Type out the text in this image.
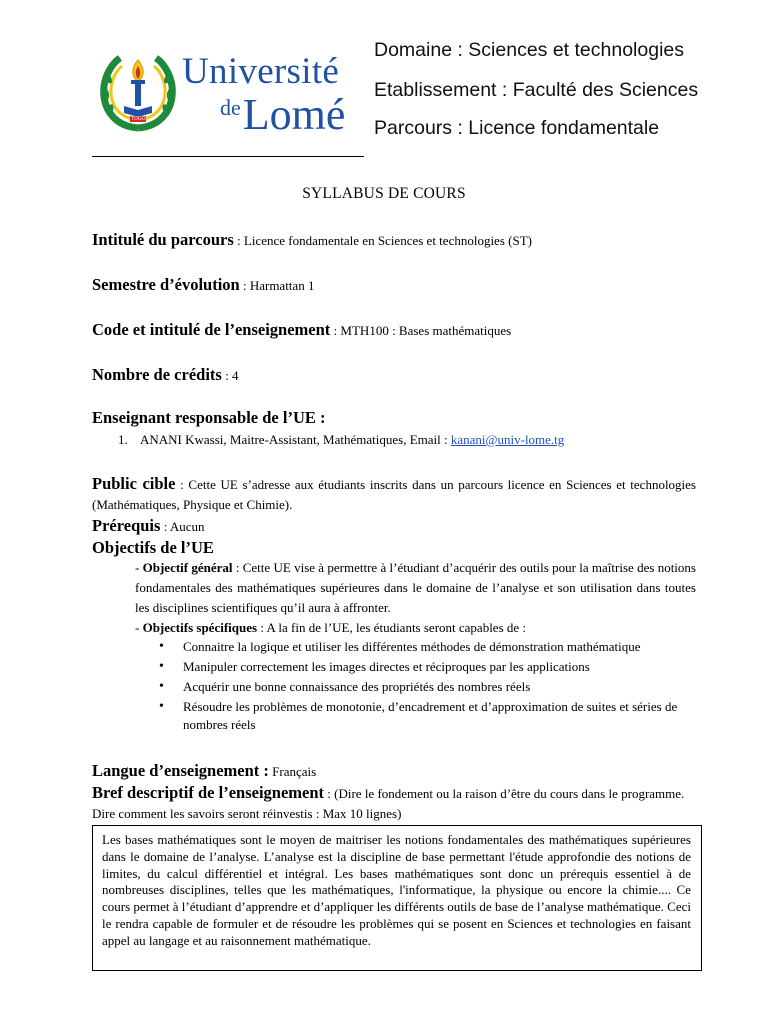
TOGO
Université
$^{de}$Lomé
Domaine : Sciences et technologies
Etablissement : Faculté des Sciences
Parcours : Licence fondamentale
SYLLABUS DE COURS
Intitulé du parcours : Licence fondamentale en Sciences et technologies (ST)
Semestre d’évolution : Harmattan 1
Code et intitulé de l’enseignement : MTH100 : Bases mathématiques
Nombre de crédits : 4
Enseignant responsable de l’UE :
1. ANANI Kwassi, Maitre-Assistant, Mathématiques, Email : kanani@univ-lome.tg
Public cible : Cette UE s’adresse aux étudiants inscrits dans un parcours licence en Sciences et technologies (Mathématiques, Physique et Chimie).
Prérequis : Aucun
Objectifs de l’UE
- Objectif général : Cette UE vise à permettre à l’étudiant d’acquérir des outils pour la maîtrise des notions fondamentales des mathématiques supérieures dans le domaine de l’analyse et son utilisation dans toutes les disciplines scientifiques qu’il aura à affronter.
- Objectifs spécifiques : A la fin de l’UE, les étudiants seront capables de :
• Connaitre la logique et utiliser les différentes méthodes de démonstration mathématique
• Manipuler correctement les images directes et réciproques par les applications
• Acquérir une bonne connaissance des propriétés des nombres réels
• Résoudre les problèmes de monotonie, d’encadrement et d’approximation de suites et séries de nombres réels
Langue d’enseignement : Français
Bref descriptif de l’enseignement : (Dire le fondement ou la raison d’être du cours dans le programme. Dire comment les savoirs seront réinvestis : Max 10 lignes)
Les bases mathématiques sont le moyen de maitriser les notions fondamentales des mathématiques supérieures dans le domaine de l’analyse. L’analyse est la discipline de base permettant l'étude approfondie des notions de limites, du calcul différentiel et intégral. Les bases mathématiques sont donc un prérequis essentiel à de nombreuses disciplines, telles que les mathématiques, l'informatique, la physique ou encore la chimie.... Ce cours permet à l’étudiant d’apprendre et d’appliquer les différents outils de base de l’analyse mathématique. Ceci le rendra capable de formuler et de résoudre les problèmes qui se posent en Sciences et technologies en faisant appel au langage et au raisonnement mathématique.
